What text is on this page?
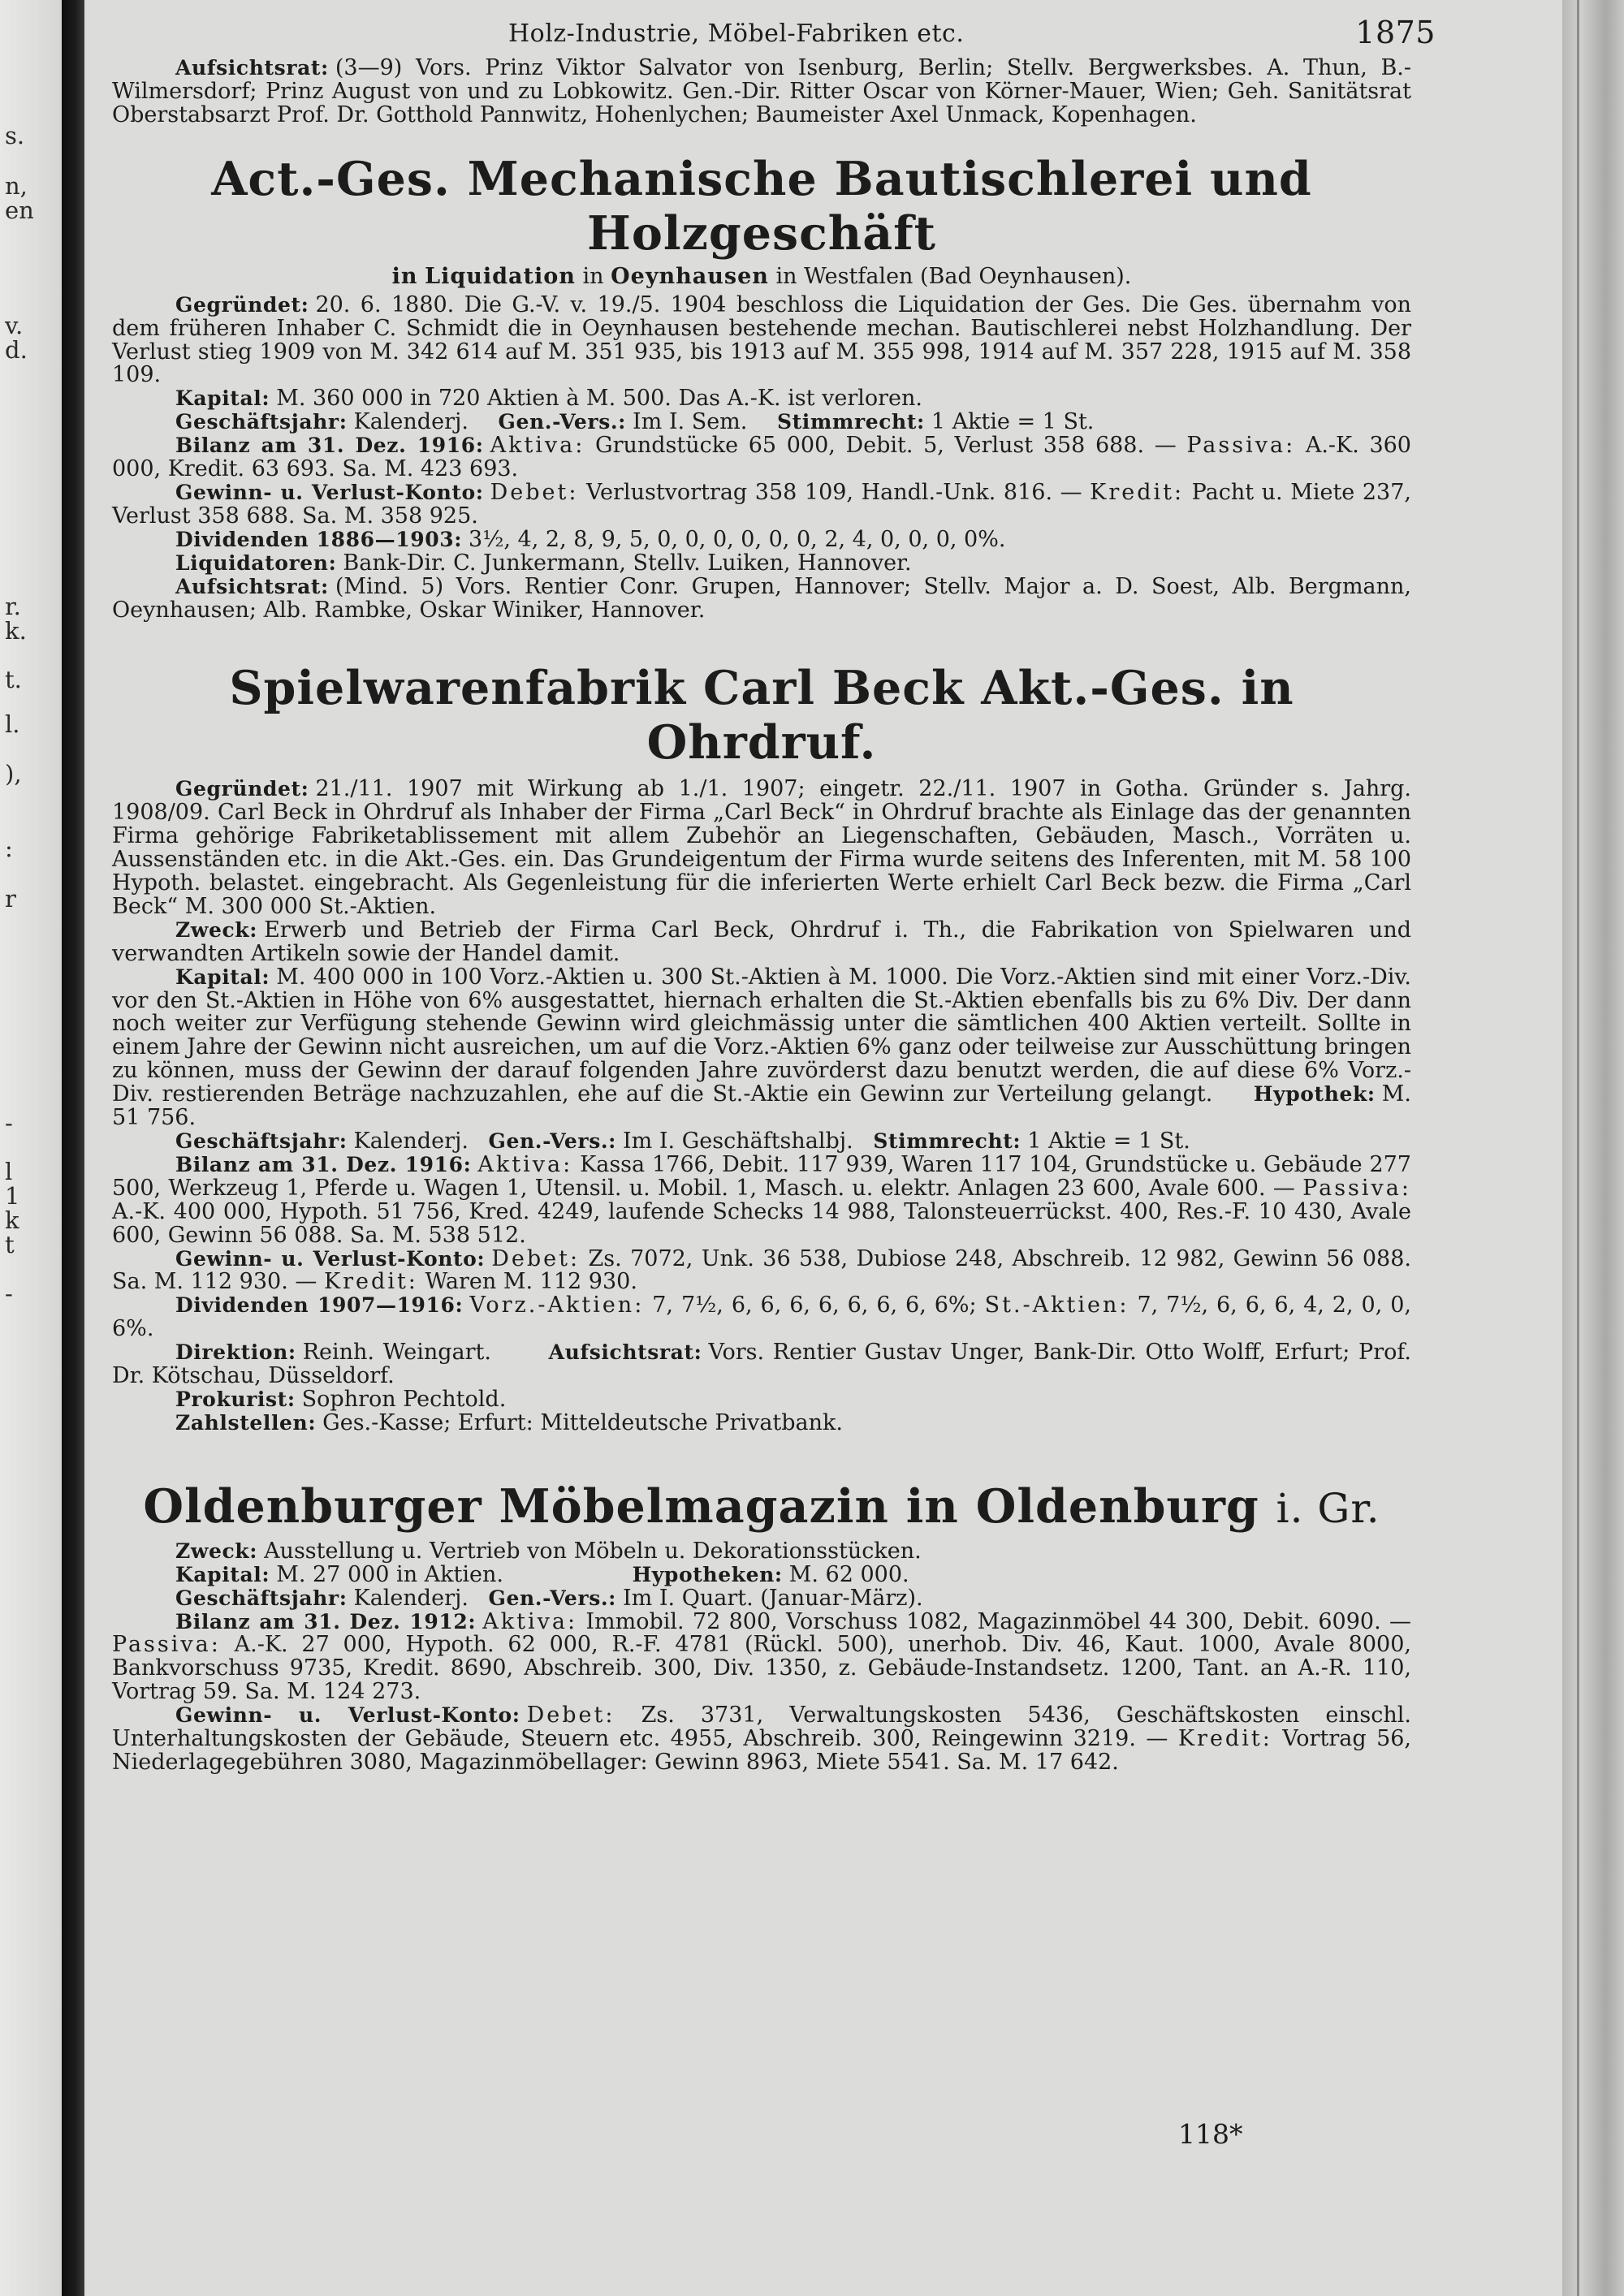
s.
n,
en
v.
d.
r.
k.
t.
l.
),
:
r
-
l
1
k
t
-
Holz-Industrie, Möbel-Fabriken etc.	1875

Aufsichtsrat: (3—9) Vors. Prinz Viktor Salvator von Isenburg, Berlin; Stellv. Bergwerksbes. A. Thun, B.-Wilmersdorf; Prinz August von und zu Lobkowitz. Gen.-Dir. Ritter Oscar von Körner-Mauer, Wien; Geh. Sanitätsrat Oberstabsarzt Prof. Dr. Gotthold Pannwitz, Hohenlychen; Baumeister Axel Unmack, Kopenhagen.

Act.-Ges. Mechanische Bautischlerei und Holzgeschäft
in Liquidation in Oeynhausen in Westfalen (Bad Oeynhausen).

Gegründet: 20. 6. 1880. Die G.-V. v. 19./5. 1904 beschloss die Liquidation der Ges. Die Ges. übernahm von dem früheren Inhaber C. Schmidt die in Oeynhausen bestehende mechan. Bautischlerei nebst Holzhandlung. Der Verlust stieg 1909 von M. 342 614 auf M. 351 935, bis 1913 auf M. 355 998, 1914 auf M. 357 228, 1915 auf M. 358 109.

Kapital: M. 360 000 in 720 Aktien à M. 500. Das A.-K. ist verloren.

Geschäftsjahr: Kalenderj. Gen.-Vers.: Im I. Sem. Stimmrecht: 1 Aktie = 1 St.

Bilanz am 31. Dez. 1916: Aktiva: Grundstücke 65 000, Debit. 5, Verlust 358 688. — Passiva: A.-K. 360 000, Kredit. 63 693. Sa. M. 423 693.

Gewinn- u. Verlust-Konto: Debet: Verlustvortrag 358 109, Handl.-Unk. 816. — Kredit: Pacht u. Miete 237, Verlust 358 688. Sa. M. 358 925.

Dividenden 1886—1903: 3½, 4, 2, 8, 9, 5, 0, 0, 0, 0, 0, 0, 2, 4, 0, 0, 0, 0%.

Liquidatoren: Bank-Dir. C. Junkermann, Stellv. Luiken, Hannover.

Aufsichtsrat: (Mind. 5) Vors. Rentier Conr. Grupen, Hannover; Stellv. Major a. D. Soest, Alb. Bergmann, Oeynhausen; Alb. Rambke, Oskar Winiker, Hannover.

Spielwarenfabrik Carl Beck Akt.-Ges. in Ohrdruf.

Gegründet: 21./11. 1907 mit Wirkung ab 1./1. 1907; eingetr. 22./11. 1907 in Gotha. Gründer s. Jahrg. 1908/09. Carl Beck in Ohrdruf als Inhaber der Firma „Carl Beck“ in Ohrdruf brachte als Einlage das der genannten Firma gehörige Fabriketablissement mit allem Zubehör an Liegenschaften, Gebäuden, Masch., Vorräten u. Aussenständen etc. in die Akt.-Ges. ein. Das Grundeigentum der Firma wurde seitens des Inferenten, mit M. 58 100 Hypoth. belastet. eingebracht. Als Gegenleistung für die inferierten Werte erhielt Carl Beck bezw. die Firma „Carl Beck“ M. 300 000 St.-Aktien.

Zweck: Erwerb und Betrieb der Firma Carl Beck, Ohrdruf i. Th., die Fabrikation von Spielwaren und verwandten Artikeln sowie der Handel damit.

Kapital: M. 400 000 in 100 Vorz.-Aktien u. 300 St.-Aktien à M. 1000. Die Vorz.-Aktien sind mit einer Vorz.-Div. vor den St.-Aktien in Höhe von 6% ausgestattet, hiernach erhalten die St.-Aktien ebenfalls bis zu 6% Div. Der dann noch weiter zur Verfügung stehende Gewinn wird gleichmässig unter die sämtlichen 400 Aktien verteilt. Sollte in einem Jahre der Gewinn nicht ausreichen, um auf die Vorz.-Aktien 6% ganz oder teilweise zur Ausschüttung bringen zu können, muss der Gewinn der darauf folgenden Jahre zuvörderst dazu benutzt werden, die auf diese 6% Vorz.-Div. restierenden Beträge nachzuzahlen, ehe auf die St.-Aktie ein Gewinn zur Verteilung gelangt. Hypothek: M. 51 756.

Geschäftsjahr: Kalenderj. Gen.-Vers.: Im I. Geschäftshalbj. Stimmrecht: 1 Aktie = 1 St.

Bilanz am 31. Dez. 1916: Aktiva: Kassa 1766, Debit. 117 939, Waren 117 104, Grundstücke u. Gebäude 277 500, Werkzeug 1, Pferde u. Wagen 1, Utensil. u. Mobil. 1, Masch. u. elektr. Anlagen 23 600, Avale 600. — Passiva: A.-K. 400 000, Hypoth. 51 756, Kred. 4249, laufende Schecks 14 988, Talonsteuerrückst. 400, Res.-F. 10 430, Avale 600, Gewinn 56 088. Sa. M. 538 512.

Gewinn- u. Verlust-Konto: Debet: Zs. 7072, Unk. 36 538, Dubiose 248, Abschreib. 12 982, Gewinn 56 088. Sa. M. 112 930. — Kredit: Waren M. 112 930.

Dividenden 1907—1916: Vorz.-Aktien: 7, 7½, 6, 6, 6, 6, 6, 6, 6, 6%; St.-Aktien: 7, 7½, 6, 6, 6, 4, 2, 0, 0, 6%.

Direktion: Reinh. Weingart.	Aufsichtsrat: Vors. Rentier Gustav Unger, Bank-Dir. Otto Wolff, Erfurt; Prof. Dr. Kötschau, Düsseldorf.

Prokurist: Sophron Pechtold.

Zahlstellen: Ges.-Kasse; Erfurt: Mitteldeutsche Privatbank.

Oldenburger Möbelmagazin in Oldenburg i. Gr.

Zweck: Ausstellung u. Vertrieb von Möbeln u. Dekorationsstücken.

Kapital: M. 27 000 in Aktien.	Hypotheken: M. 62 000.

Geschäftsjahr: Kalenderj. Gen.-Vers.: Im I. Quart. (Januar-März).

Bilanz am 31. Dez. 1912: Aktiva: Immobil. 72 800, Vorschuss 1082, Magazinmöbel 44 300, Debit. 6090. — Passiva: A.-K. 27 000, Hypoth. 62 000, R.-F. 4781 (Rückl. 500), unerhob. Div. 46, Kaut. 1000, Avale 8000, Bankvorschuss 9735, Kredit. 8690, Abschreib. 300, Div. 1350, z. Gebäude-Instandsetz. 1200, Tant. an A.-R. 110, Vortrag 59. Sa. M. 124 273.

Gewinn- u. Verlust-Konto: Debet: Zs. 3731, Verwaltungskosten 5436, Geschäftskosten einschl. Unterhaltungskosten der Gebäude, Steuern etc. 4955, Abschreib. 300, Reingewinn 3219. — Kredit: Vortrag 56, Niederlagegebühren 3080, Magazinmöbellager: Gewinn 8963, Miete 5541. Sa. M. 17 642.

118*
